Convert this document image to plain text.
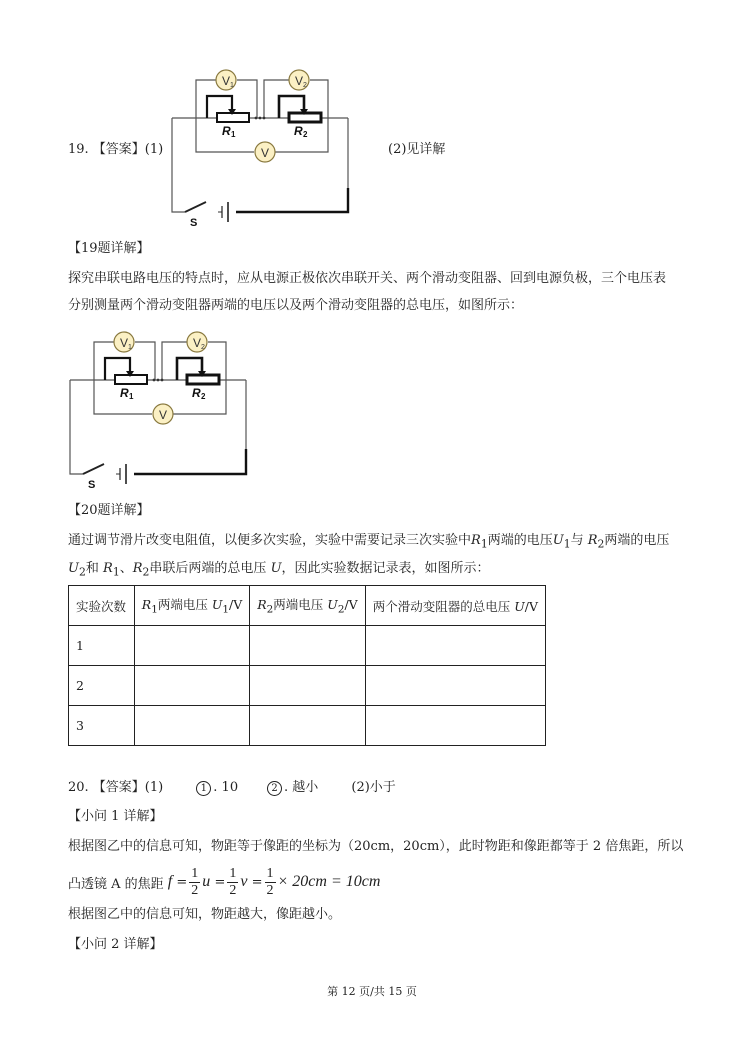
19. 【答案】(1)	(2)见详解
V 1	V 2
V
R 1	R 2
S
【19题详解】
探究串联电路电压的特点时，应从电源正极依次串联开关、两个滑动变阻器、回到电源负极，三个电压表
分别测量两个滑动变阻器两端的电压以及两个滑动变阻器的总电压，如图所示：
V 1	V 2
V
R 1	R 2
S
【20题详解】
通过调节滑片改变电阻值，以便多次实验，实验中需要记录三次实验中$R_1$两端的电压$U_1$与 $R_2$两端的电压
$U_2$和 $R_1$、$R_2$串联后两端的总电压 U，因此实验数据记录表，如图所示：
实验次数	$R_1$两端电压 $U_1/V$	$R_2$两端电压 $U_2/V$	两个滑动变阻器的总电压 U/V
1			
2			
3			
20. 【答案】(1)	1 . 10	2 . 越小	(2)小于
【小问 1 详解】
根据图乙中的信息可知，物距等于像距的坐标为（20cm，20cm），此时物距和像距都等于 2 倍焦距，所以
凸透镜 A 的焦距
f
= $\frac{1}{2}$ u
= $\frac{1}{2}$ v
= $\frac{1}{2} \times 20cm = 10cm$
根据图乙中的信息可知，物距越大，像距越小。
【小问 2 详解】
第 12 页/共 15 页
